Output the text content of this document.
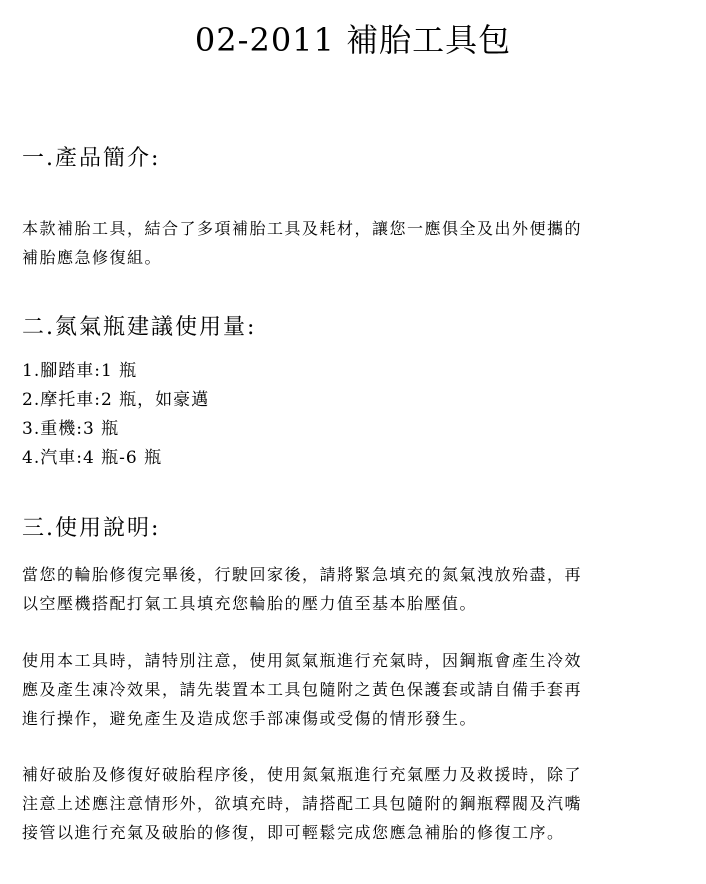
02-2011 補胎工具包
一.產品簡介:
本款補胎工具，結合了多項補胎工具及耗材，讓您一應俱全及出外便攜的
補胎應急修復組。
二.氮氣瓶建議使用量:
1.腳踏車:1 瓶
2.摩托車:2 瓶，如豪邁
3.重機:3 瓶
4.汽車:4 瓶-6 瓶
三.使用說明:
當您的輪胎修復完畢後，行駛回家後，請將緊急填充的氮氣洩放殆盡，再
以空壓機搭配打氣工具填充您輪胎的壓力值至基本胎壓值。
使用本工具時，請特別注意，使用氮氣瓶進行充氣時，因鋼瓶會產生冷效
應及產生凍冷效果，請先裝置本工具包隨附之黃色保護套或請自備手套再
進行操作，避免產生及造成您手部凍傷或受傷的情形發生。
補好破胎及修復好破胎程序後，使用氮氣瓶進行充氣壓力及救援時，除了
注意上述應注意情形外，欲填充時，請搭配工具包隨附的鋼瓶釋閥及汽嘴
接管以進行充氣及破胎的修復，即可輕鬆完成您應急補胎的修復工序。
